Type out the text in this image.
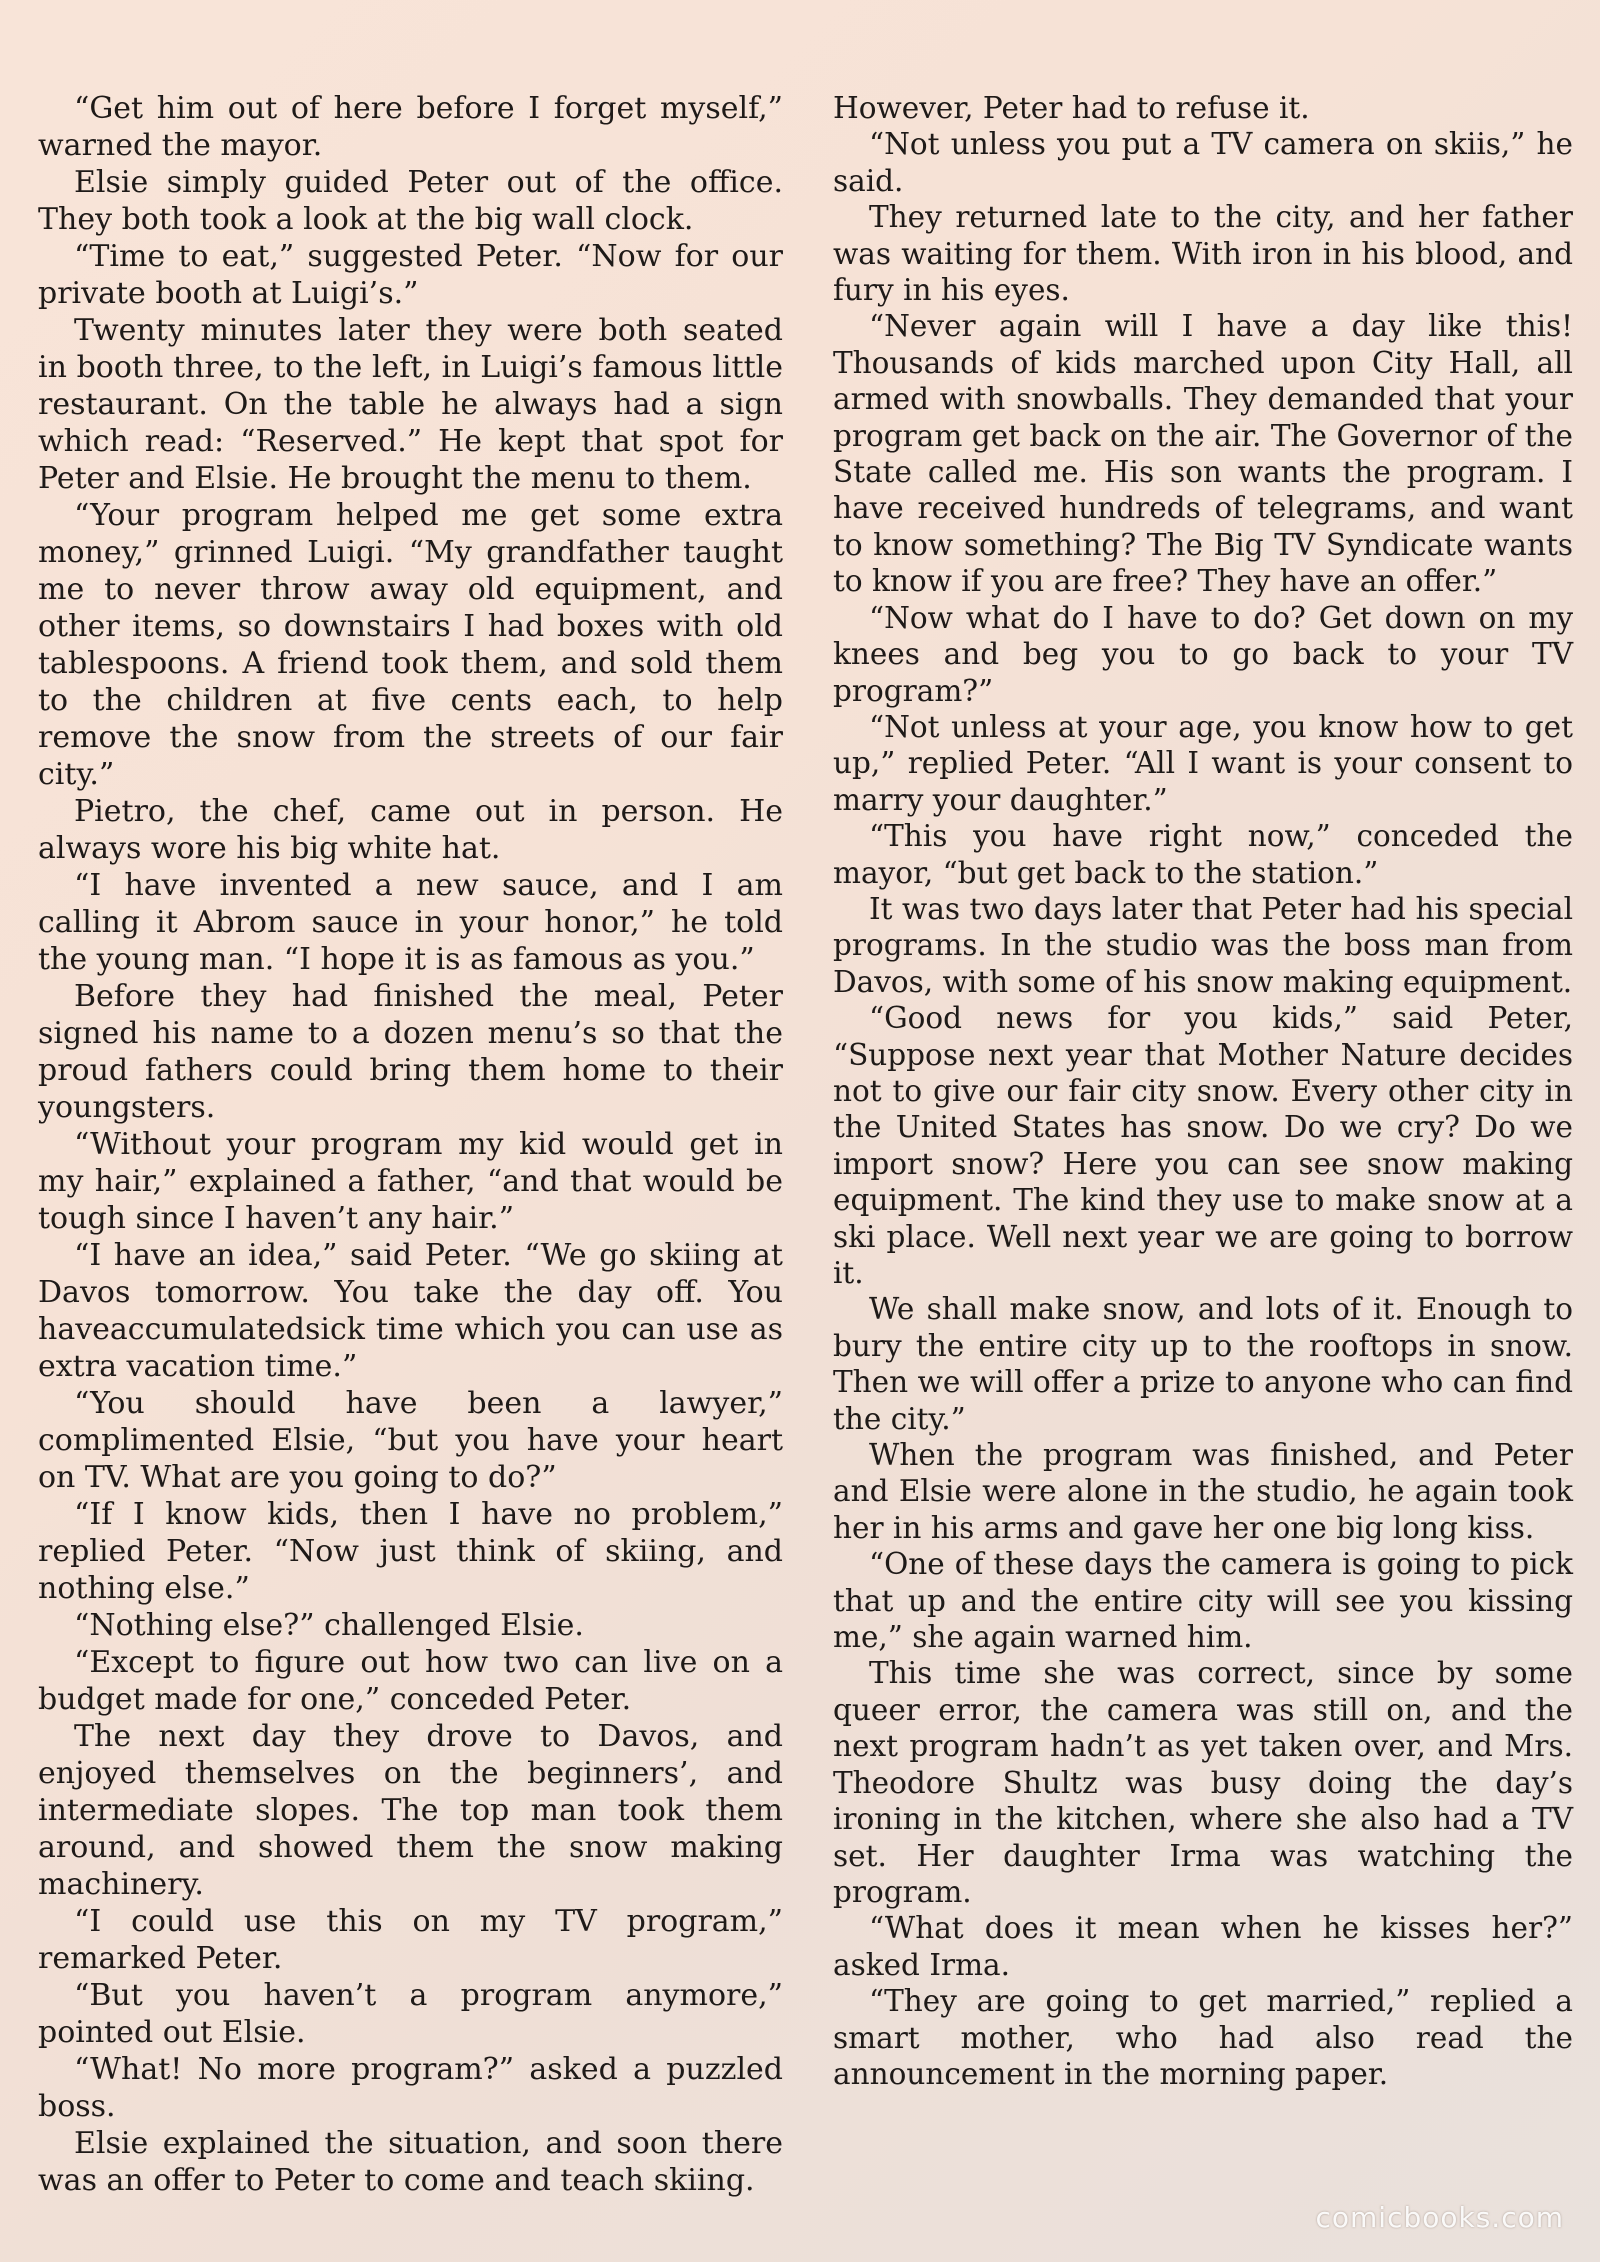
“Get him out of here before I forget myself,” warned the mayor.

Elsie simply guided Peter out of the office. They both took a look at the big wall clock.

“Time to eat,” suggested Peter. “Now for our private booth at Luigi’s.”

Twenty minutes later they were both seated in booth three, to the left, in Luigi’s famous little restaurant. On the table he always had a sign which read: “Reserved.” He kept that spot for Peter and Elsie. He brought the menu to them.

“Your program helped me get some extra money,” grinned Luigi. “My grandfather taught me to never throw away old equipment, and other items, so downstairs I had boxes with old tablespoons. A friend took them, and sold them to the children at five cents each, to help remove the snow from the streets of our fair city.”

Pietro, the chef, came out in person. He always wore his big white hat.

“I have invented a new sauce, and I am calling it Abrom sauce in your honor,” he told the young man. “I hope it is as famous as you.”

Before they had finished the meal, Peter signed his name to a dozen menu’s so that the proud fathers could bring them home to their youngsters.

“Without your program my kid would get in my hair,” explained a father, “and that would be tough since I haven’t any hair.”

“I have an idea,” said Peter. “We go skiing at Davos tomorrow. You take the day off. You haveaccumulatedsick time which you can use as extra vacation time.”

“You should have been a lawyer,” complimented Elsie, “but you have your heart on TV. What are you going to do?”

“If I know kids, then I have no problem,” replied Peter. “Now just think of skiing, and nothing else.”

“Nothing else?” challenged Elsie.

“Except to figure out how two can live on a budget made for one,” conceded Peter.

The next day they drove to Davos, and enjoyed themselves on the beginners’, and intermediate slopes. The top man took them around, and showed them the snow making machinery.

“I could use this on my TV program,” remarked Peter.

“But you haven’t a program anymore,” pointed out Elsie.

“What! No more program?” asked a puzzled boss.

Elsie explained the situation, and soon there was an offer to Peter to come and teach skiing.

However, Peter had to refuse it.

“Not unless you put a TV camera on skiis,” he said.

They returned late to the city, and her father was waiting for them. With iron in his blood, and fury in his eyes.

“Never again will I have a day like this! Thousands of kids marched upon City Hall, all armed with snowballs. They demanded that your program get back on the air. The Governor of the State called me. His son wants the program. I have received hundreds of telegrams, and want to know something? The Big TV Syndicate wants to know if you are free? They have an offer.”

“Now what do I have to do? Get down on my knees and beg you to go back to your TV program?”

“Not unless at your age, you know how to get up,” replied Peter. “All I want is your consent to marry your daughter.”

“This you have right now,” conceded the mayor, “but get back to the station.”

It was two days later that Peter had his special programs. In the studio was the boss man from Davos, with some of his snow making equipment.

“Good news for you kids,” said Peter, “Suppose next year that Mother Nature decides not to give our fair city snow. Every other city in the United States has snow. Do we cry? Do we import snow? Here you can see snow making equipment. The kind they use to make snow at a ski place. Well next year we are going to borrow it.

We shall make snow, and lots of it. Enough to bury the entire city up to the rooftops in snow. Then we will offer a prize to anyone who can find the city.”

When the program was finished, and Peter and Elsie were alone in the studio, he again took her in his arms and gave her one big long kiss.

“One of these days the camera is going to pick that up and the entire city will see you kissing me,” she again warned him.

This time she was correct, since by some queer error, the camera was still on, and the next program hadn’t as yet taken over, and Mrs. Theodore Shultz was busy doing the day’s ironing in the kitchen, where she also had a TV set. Her daughter Irma was watching the program.

“What does it mean when he kisses her?” asked Irma.

“They are going to get married,” replied a smart mother, who had also read the announcement in the morning paper.

comicbooks.com
